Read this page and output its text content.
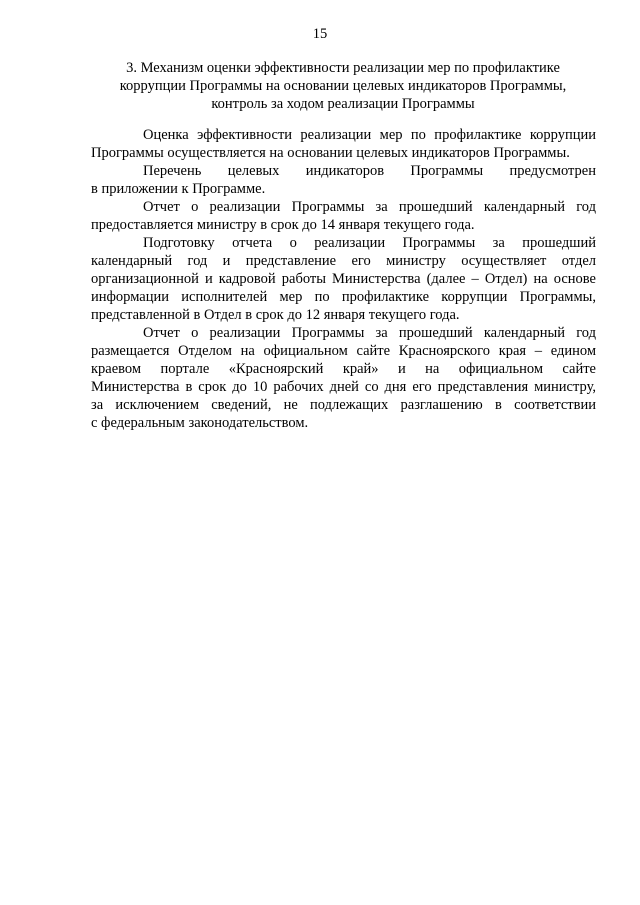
15
3. Механизм оценки эффективности реализации мер по профилактике
коррупции Программы на основании целевых индикаторов Программы,
контроль за ходом реализации Программы

Оценка эффективности реализации мер по профилактике коррупции
Программы осуществляется на основании целевых индикаторов Программы.

Перечень целевых индикаторов Программы предусмотрен
в приложении к Программе.

Отчет о реализации Программы за прошедший календарный год
предоставляется министру в срок до 14 января текущего года.

Подготовку отчета о реализации Программы за прошедший
календарный год и представление его министру осуществляет отдел
организационной и кадровой работы Министерства (далее – Отдел) на основе
информации исполнителей мер по профилактике коррупции Программы,
представленной в Отдел в срок до 12 января текущего года.

Отчет о реализации Программы за прошедший календарный год
размещается Отделом на официальном сайте Красноярского края – едином
краевом портале «Красноярский край» и на официальном сайте
Министерства в срок до 10 рабочих дней со дня его представления министру,
за исключением сведений, не подлежащих разглашению в соответствии
с федеральным законодательством.
